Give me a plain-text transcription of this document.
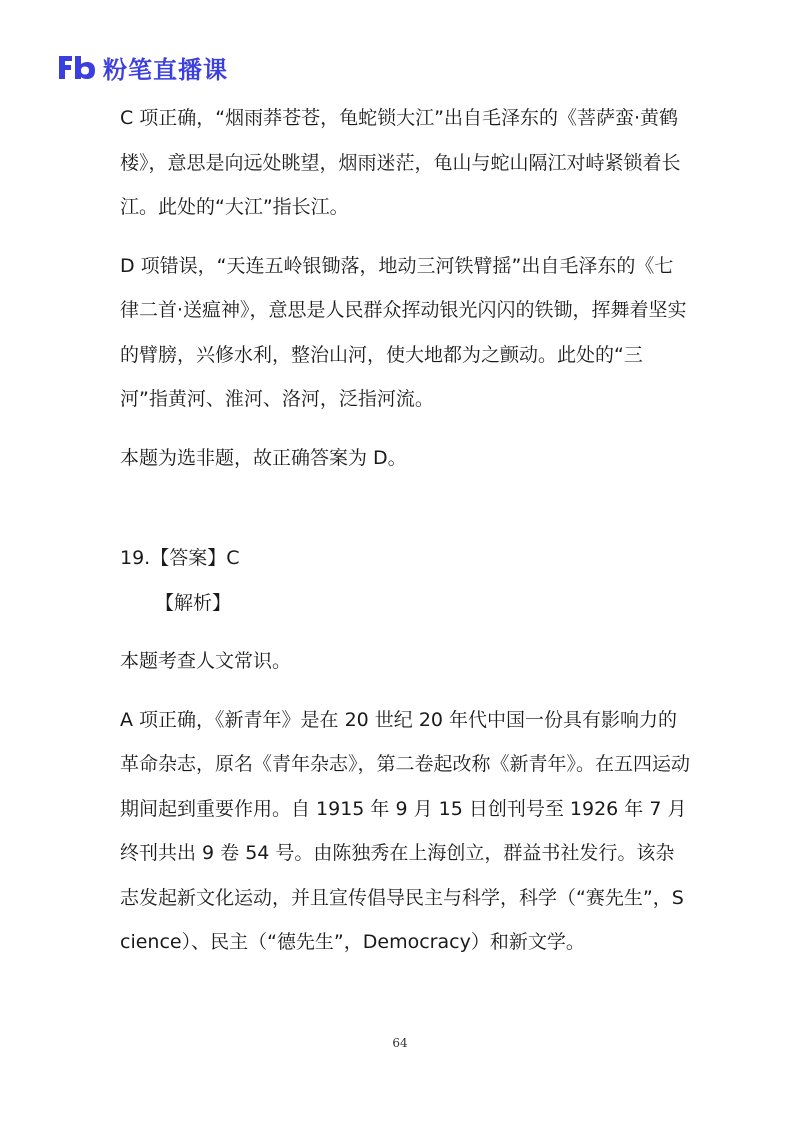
粉笔直播课

C 项正确，“烟雨莽苍苍，龟蛇锁大江”出自毛泽东的《菩萨蛮·黄鹤楼》，意思是向远处眺望，烟雨迷茫，龟山与蛇山隔江对峙紧锁着长江。此处的“大江”指长江。

D 项错误，“天连五岭银锄落，地动三河铁臂摇”出自毛泽东的《七律二首·送瘟神》，意思是人民群众挥动银光闪闪的铁锄，挥舞着坚实的臂膀，兴修水利，整治山河，使大地都为之颤动。此处的“三河”指黄河、淮河、洛河，泛指河流。

本题为选非题，故正确答案为 D。

19.【答案】C

【解析】

本题考查人文常识。

A 项正确，《新青年》是在 20 世纪 20 年代中国一份具有影响力的革命杂志，原名《青年杂志》，第二卷起改称《新青年》。在五四运动期间起到重要作用。自 1915 年 9 月 15 日创刊号至 1926 年 7 月终刊共出 9 卷 54 号。由陈独秀在上海创立，群益书社发行。该杂志发起新文化运动，并且宣传倡导民主与科学，科学（“赛先生”，Science）、民主（“德先生”，Democracy）和新文学。

64
